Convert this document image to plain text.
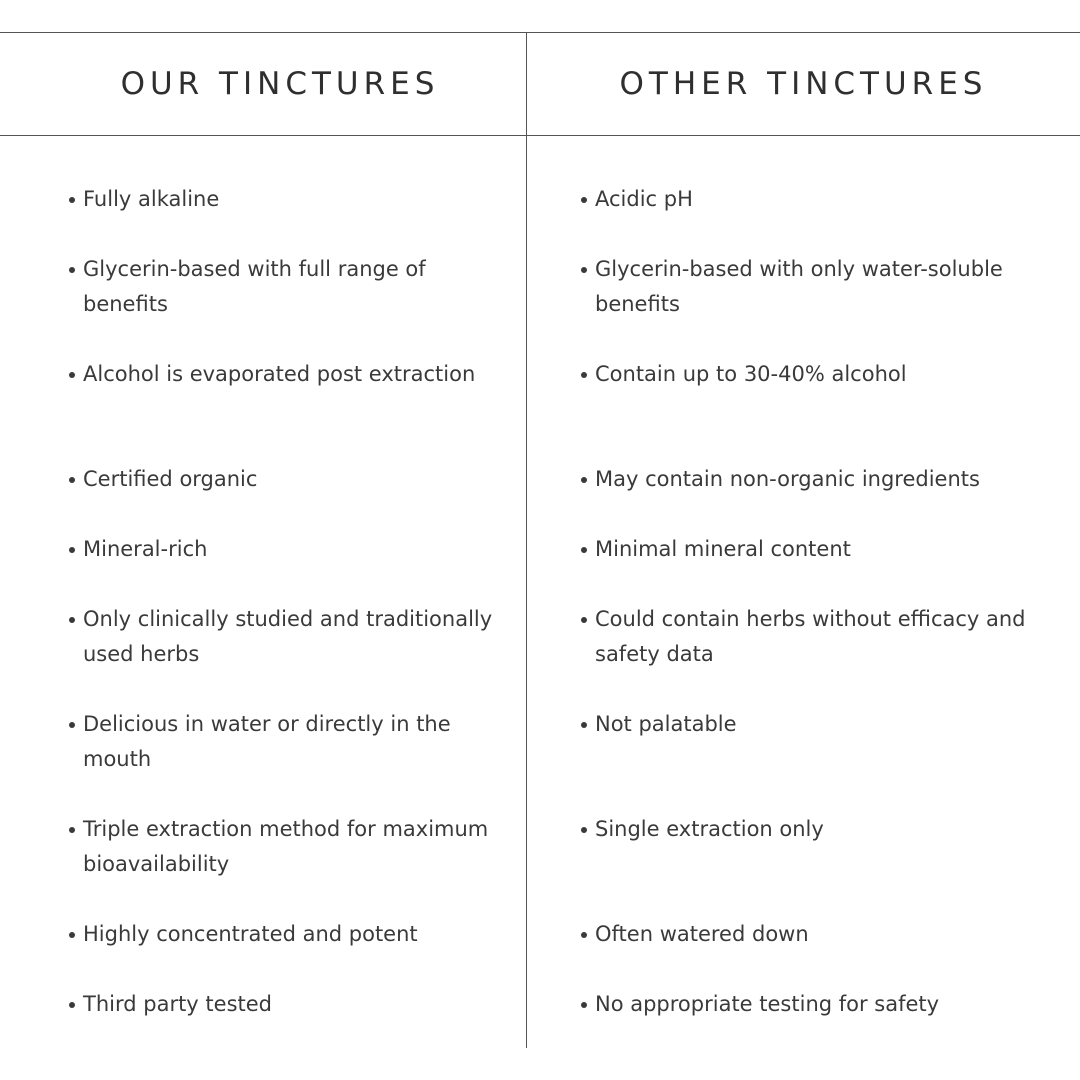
OUR TINCTURES	OTHER TINCTURES
Fully alkaline
Glycerin-based with full range of benefits
Alcohol is evaporated post extraction
Certified organic
Mineral-rich
Only clinically studied and traditionally used herbs
Delicious in water or directly in the mouth
Triple extraction method for maximum bioavailability
Highly concentrated and potent
Third party tested
Acidic pH
Glycerin-based with only water-soluble benefits
Contain up to 30-40% alcohol
May contain non-organic ingredients
Minimal mineral content
Could contain herbs without efficacy and safety data
Not palatable
Single extraction only
Often watered down
No appropriate testing for safety
